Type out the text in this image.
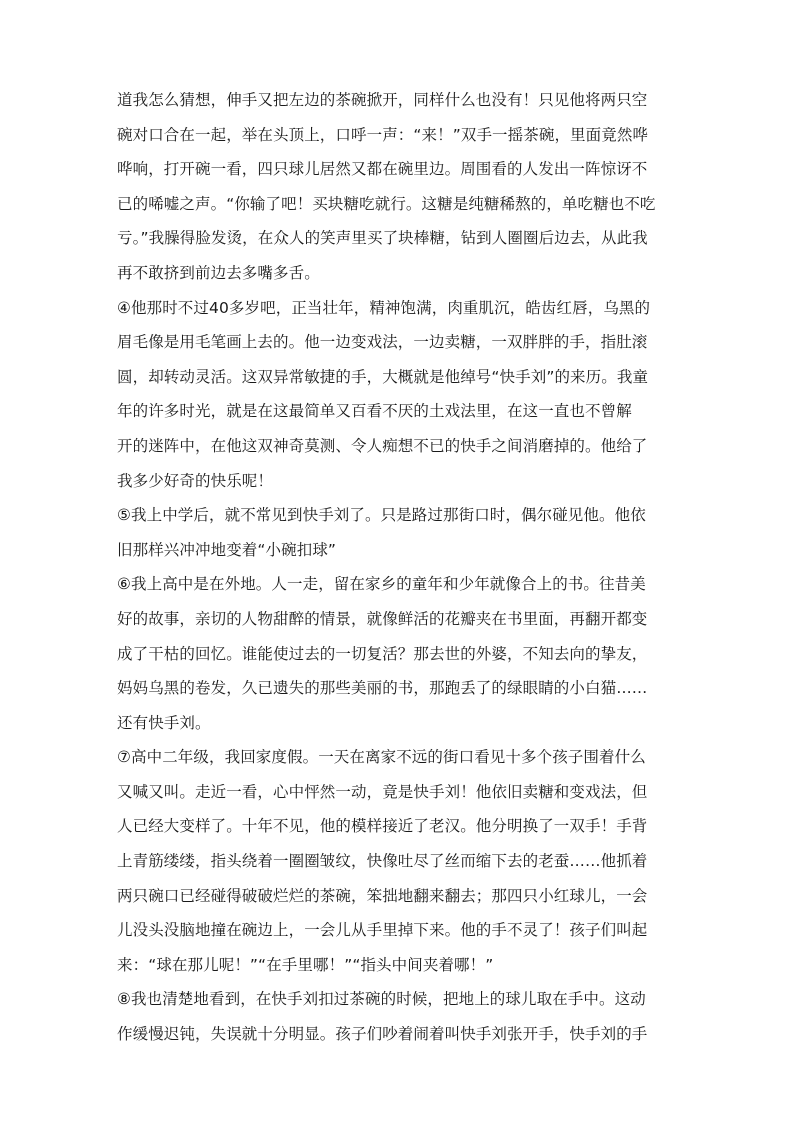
道我怎么猜想，伸手又把左边的茶碗掀开，同样什么也没有！只见他将两只空
碗对口合在一起，举在头顶上，口呼一声：“来！”双手一摇茶碗，里面竟然哗
哗响，打开碗一看，四只球儿居然又都在碗里边。周围看的人发出一阵惊讶不
已的唏嘘之声。“你输了吧！买块糖吃就行。这糖是纯糖稀熬的，单吃糖也不吃
亏。”我臊得脸发烫，在众人的笑声里买了块棒糖，钻到人圈圈后边去，从此我
再不敢挤到前边去多嘴多舌。
④他那时不过40多岁吧，正当壮年，精神饱满，肉重肌沉，皓齿红唇，乌黑的
眉毛像是用毛笔画上去的。他一边变戏法，一边卖糖，一双胖胖的手，指肚滚
圆，却转动灵活。这双异常敏捷的手，大概就是他绰号“快手刘”的来历。我童
年的许多时光，就是在这最简单又百看不厌的土戏法里，在这一直也不曾解
开的迷阵中，在他这双神奇莫测、令人痴想不已的快手之间消磨掉的。他给了
我多少好奇的快乐呢！
⑤我上中学后，就不常见到快手刘了。只是路过那街口时，偶尔碰见他。他依
旧那样兴冲冲地变着“小碗扣球”
⑥我上高中是在外地。人一走，留在家乡的童年和少年就像合上的书。往昔美
好的故事，亲切的人物甜醉的情景，就像鲜活的花瓣夹在书里面，再翻开都变
成了干枯的回忆。谁能使过去的一切复活？那去世的外婆，不知去向的挚友，
妈妈乌黑的卷发，久已遗失的那些美丽的书，那跑丢了的绿眼睛的小白猫……
还有快手刘。
⑦高中二年级，我回家度假。一天在离家不远的街口看见十多个孩子围着什么
又喊又叫。走近一看，心中怦然一动，竟是快手刘！他依旧卖糖和变戏法，但
人已经大变样了。十年不见，他的模样接近了老汉。他分明换了一双手！手背
上青筋缕缕，指头绕着一圈圈皱纹，快像吐尽了丝而缩下去的老蚕……他抓着
两只碗口已经碰得破破烂烂的茶碗，笨拙地翻来翻去；那四只小红球儿，一会
儿没头没脑地撞在碗边上，一会儿从手里掉下来。他的手不灵了！孩子们叫起
来：“球在那儿呢！”“在手里哪！”“指头中间夹着哪！”
⑧我也清楚地看到，在快手刘扣过茶碗的时候，把地上的球儿取在手中。这动
作缓慢迟钝，失误就十分明显。孩子们吵着闹着叫快手刘张开手，快手刘的手
